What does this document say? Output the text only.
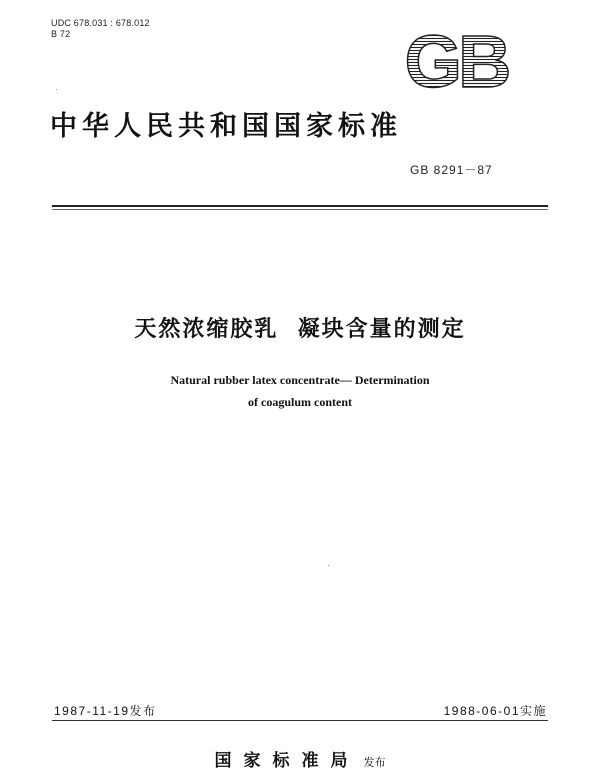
UDC 678.031 : 678.012
B 72	GB
中华人民共和国国家标准
GB 8291－87
天然浓缩胶乳  凝块含量的测定
Natural rubber latex concentrate— Determination
of coagulum content
1987-11-19发布	1988-06-01实施
国家标准局 发布
